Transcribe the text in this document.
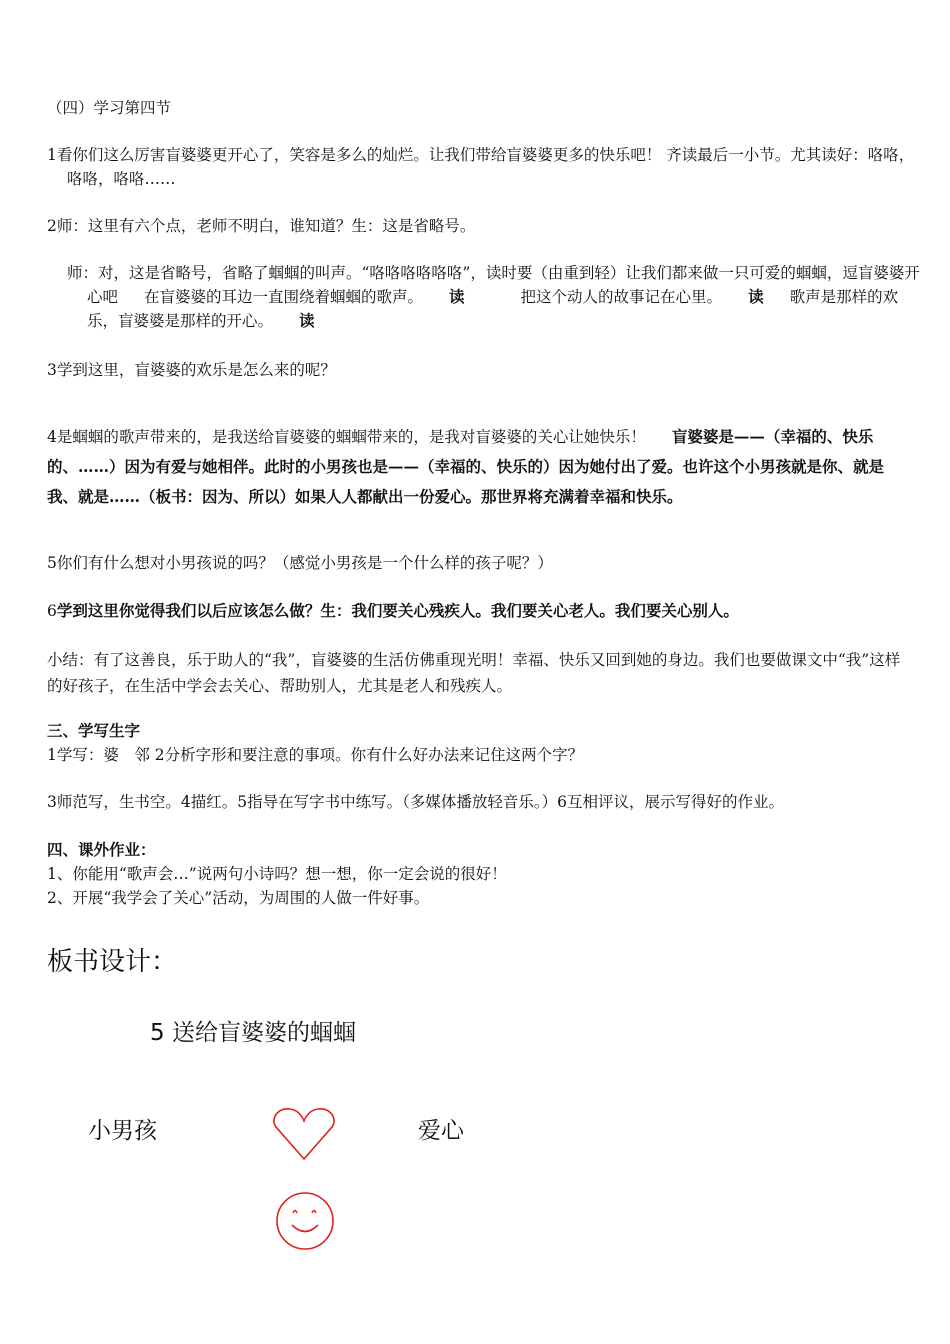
（四）学习第四节

1看你们这么厉害盲婆婆更开心了，笑容是多么的灿烂。让我们带给盲婆婆更多的快乐吧！ 齐读最后一小节。尤其读好：咯咯，咯咯，咯咯……

2师：这里有六个点，老师不明白，谁知道？生：这是省略号。

师：对，这是省略号，省略了蝈蝈的叫声。“咯咯咯咯咯咯”，读时要（由重到轻）让我们都来做一只可爱的蝈蝈，逗盲婆婆开心吧 在盲婆婆的耳边一直围绕着蝈蝈的歌声。 读	把这个动人的故事记在心里。 读 歌声是那样的欢乐，盲婆婆是那样的开心。 读

3学到这里，盲婆婆的欢乐是怎么来的呢？

4是蝈蝈的歌声带来的，是我送给盲婆婆的蝈蝈带来的，是我对盲婆婆的关心让她快乐！ 盲婆婆是——（幸福的、快乐的、……）因为有爱与她相伴。此时的小男孩也是——（幸福的、快乐的）因为她付出了爱。也许这个小男孩就是你、就是我、就是……（板书：因为、所以）如果人人都献出一份爱心。那世界将充满着幸福和快乐。

5你们有什么想对小男孩说的吗？（感觉小男孩是一个什么样的孩子呢？）

6学到这里你觉得我们以后应该怎么做？生：我们要关心残疾人。我们要关心老人。我们要关心别人。

小结：有了这善良，乐于助人的“我”，盲婆婆的生活仿佛重现光明！幸福、快乐又回到她的身边。我们也要做课文中“我”这样的好孩子，在生活中学会去关心、帮助别人，尤其是老人和残疾人。

三、学写生字

1学写：婆　邻 2分析字形和要注意的事项。你有什么好办法来记住这两个字？

3师范写，生书空。4描红。5指导在写字书中练写。（多媒体播放轻音乐。）6互相评议，展示写得好的作业。

四、课外作业：

1、你能用“歌声会…”说两句小诗吗？想一想，你一定会说的很好！

2、开展“我学会了关心”活动，为周围的人做一件好事。

板书设计：

5 送给盲婆婆的蝈蝈

小男孩	爱心
